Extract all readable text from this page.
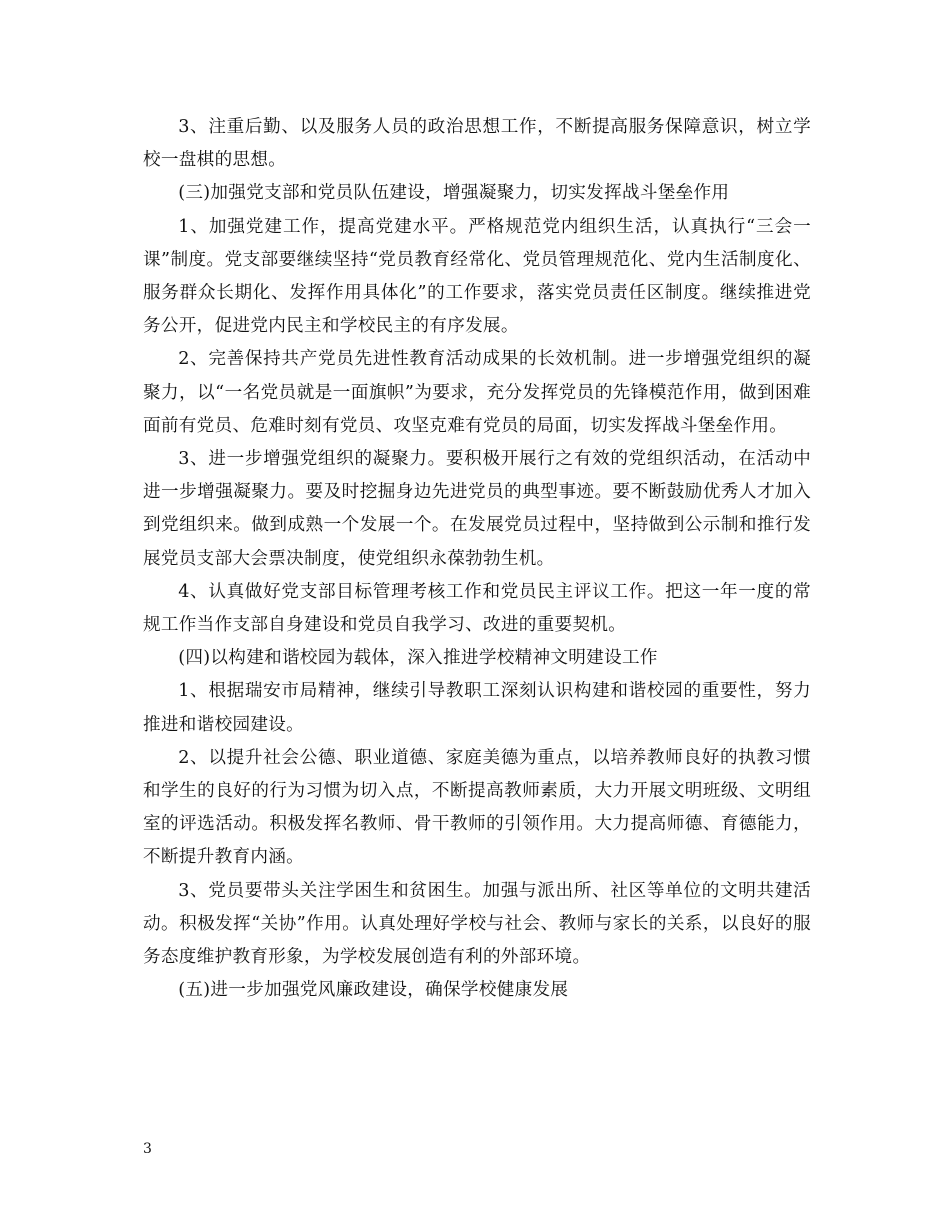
3、注重后勤、以及服务人员的政治思想工作，不断提高服务保障意识，树立学校一盘棋的思想。

(三)加强党支部和党员队伍建设，增强凝聚力，切实发挥战斗堡垒作用

1、加强党建工作，提高党建水平。严格规范党内组织生活，认真执行“三会一课”制度。党支部要继续坚持“党员教育经常化、党员管理规范化、党内生活制度化、服务群众长期化、发挥作用具体化”的工作要求，落实党员责任区制度。继续推进党务公开，促进党内民主和学校民主的有序发展。

2、完善保持共产党员先进性教育活动成果的长效机制。进一步增强党组织的凝聚力，以“一名党员就是一面旗帜”为要求，充分发挥党员的先锋模范作用，做到困难面前有党员、危难时刻有党员、攻坚克难有党员的局面，切实发挥战斗堡垒作用。

3、进一步增强党组织的凝聚力。要积极开展行之有效的党组织活动，在活动中进一步增强凝聚力。要及时挖掘身边先进党员的典型事迹。要不断鼓励优秀人才加入到党组织来。做到成熟一个发展一个。在发展党员过程中，坚持做到公示制和推行发展党员支部大会票决制度，使党组织永葆勃勃生机。

4、认真做好党支部目标管理考核工作和党员民主评议工作。把这一年一度的常规工作当作支部自身建设和党员自我学习、改进的重要契机。

(四)以构建和谐校园为载体，深入推进学校精神文明建设工作

1、根据瑞安市局精神，继续引导教职工深刻认识构建和谐校园的重要性，努力推进和谐校园建设。

2、以提升社会公德、职业道德、家庭美德为重点，以培养教师良好的执教习惯和学生的良好的行为习惯为切入点，不断提高教师素质，大力开展文明班级、文明组室的评选活动。积极发挥名教师、骨干教师的引领作用。大力提高师德、育德能力，不断提升教育内涵。

3、党员要带头关注学困生和贫困生。加强与派出所、社区等单位的文明共建活动。积极发挥“关协”作用。认真处理好学校与社会、教师与家长的关系，以良好的服务态度维护教育形象，为学校发展创造有利的外部环境。

(五)进一步加强党风廉政建设，确保学校健康发展

3
